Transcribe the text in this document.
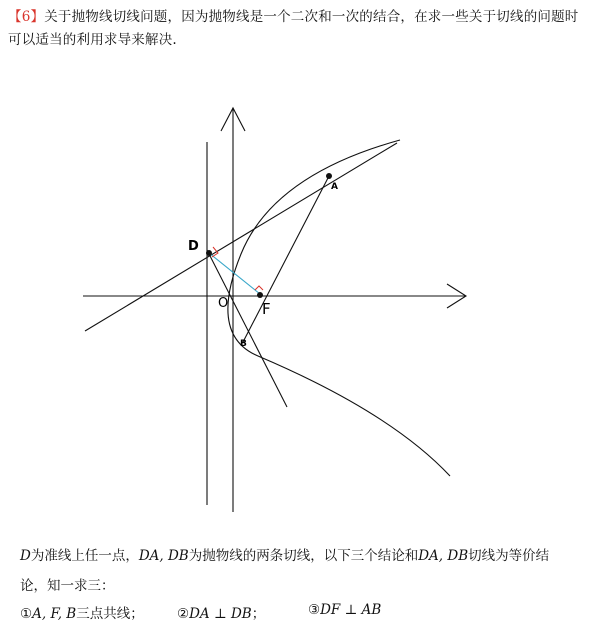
【6】关于抛物线切线问题，因为抛物线是一个二次和一次的结合，在求一些关于切线的问题时可以适当的利用求导来解决.
D
A
B
O F
D为准线上任一点，DA, DB为抛物线的两条切线，以下三个结论和DA, DB切线为等价结
论，知一求三：
①A, F, B三点共线； ②DA ⊥ DB；	③DF ⊥ AB
